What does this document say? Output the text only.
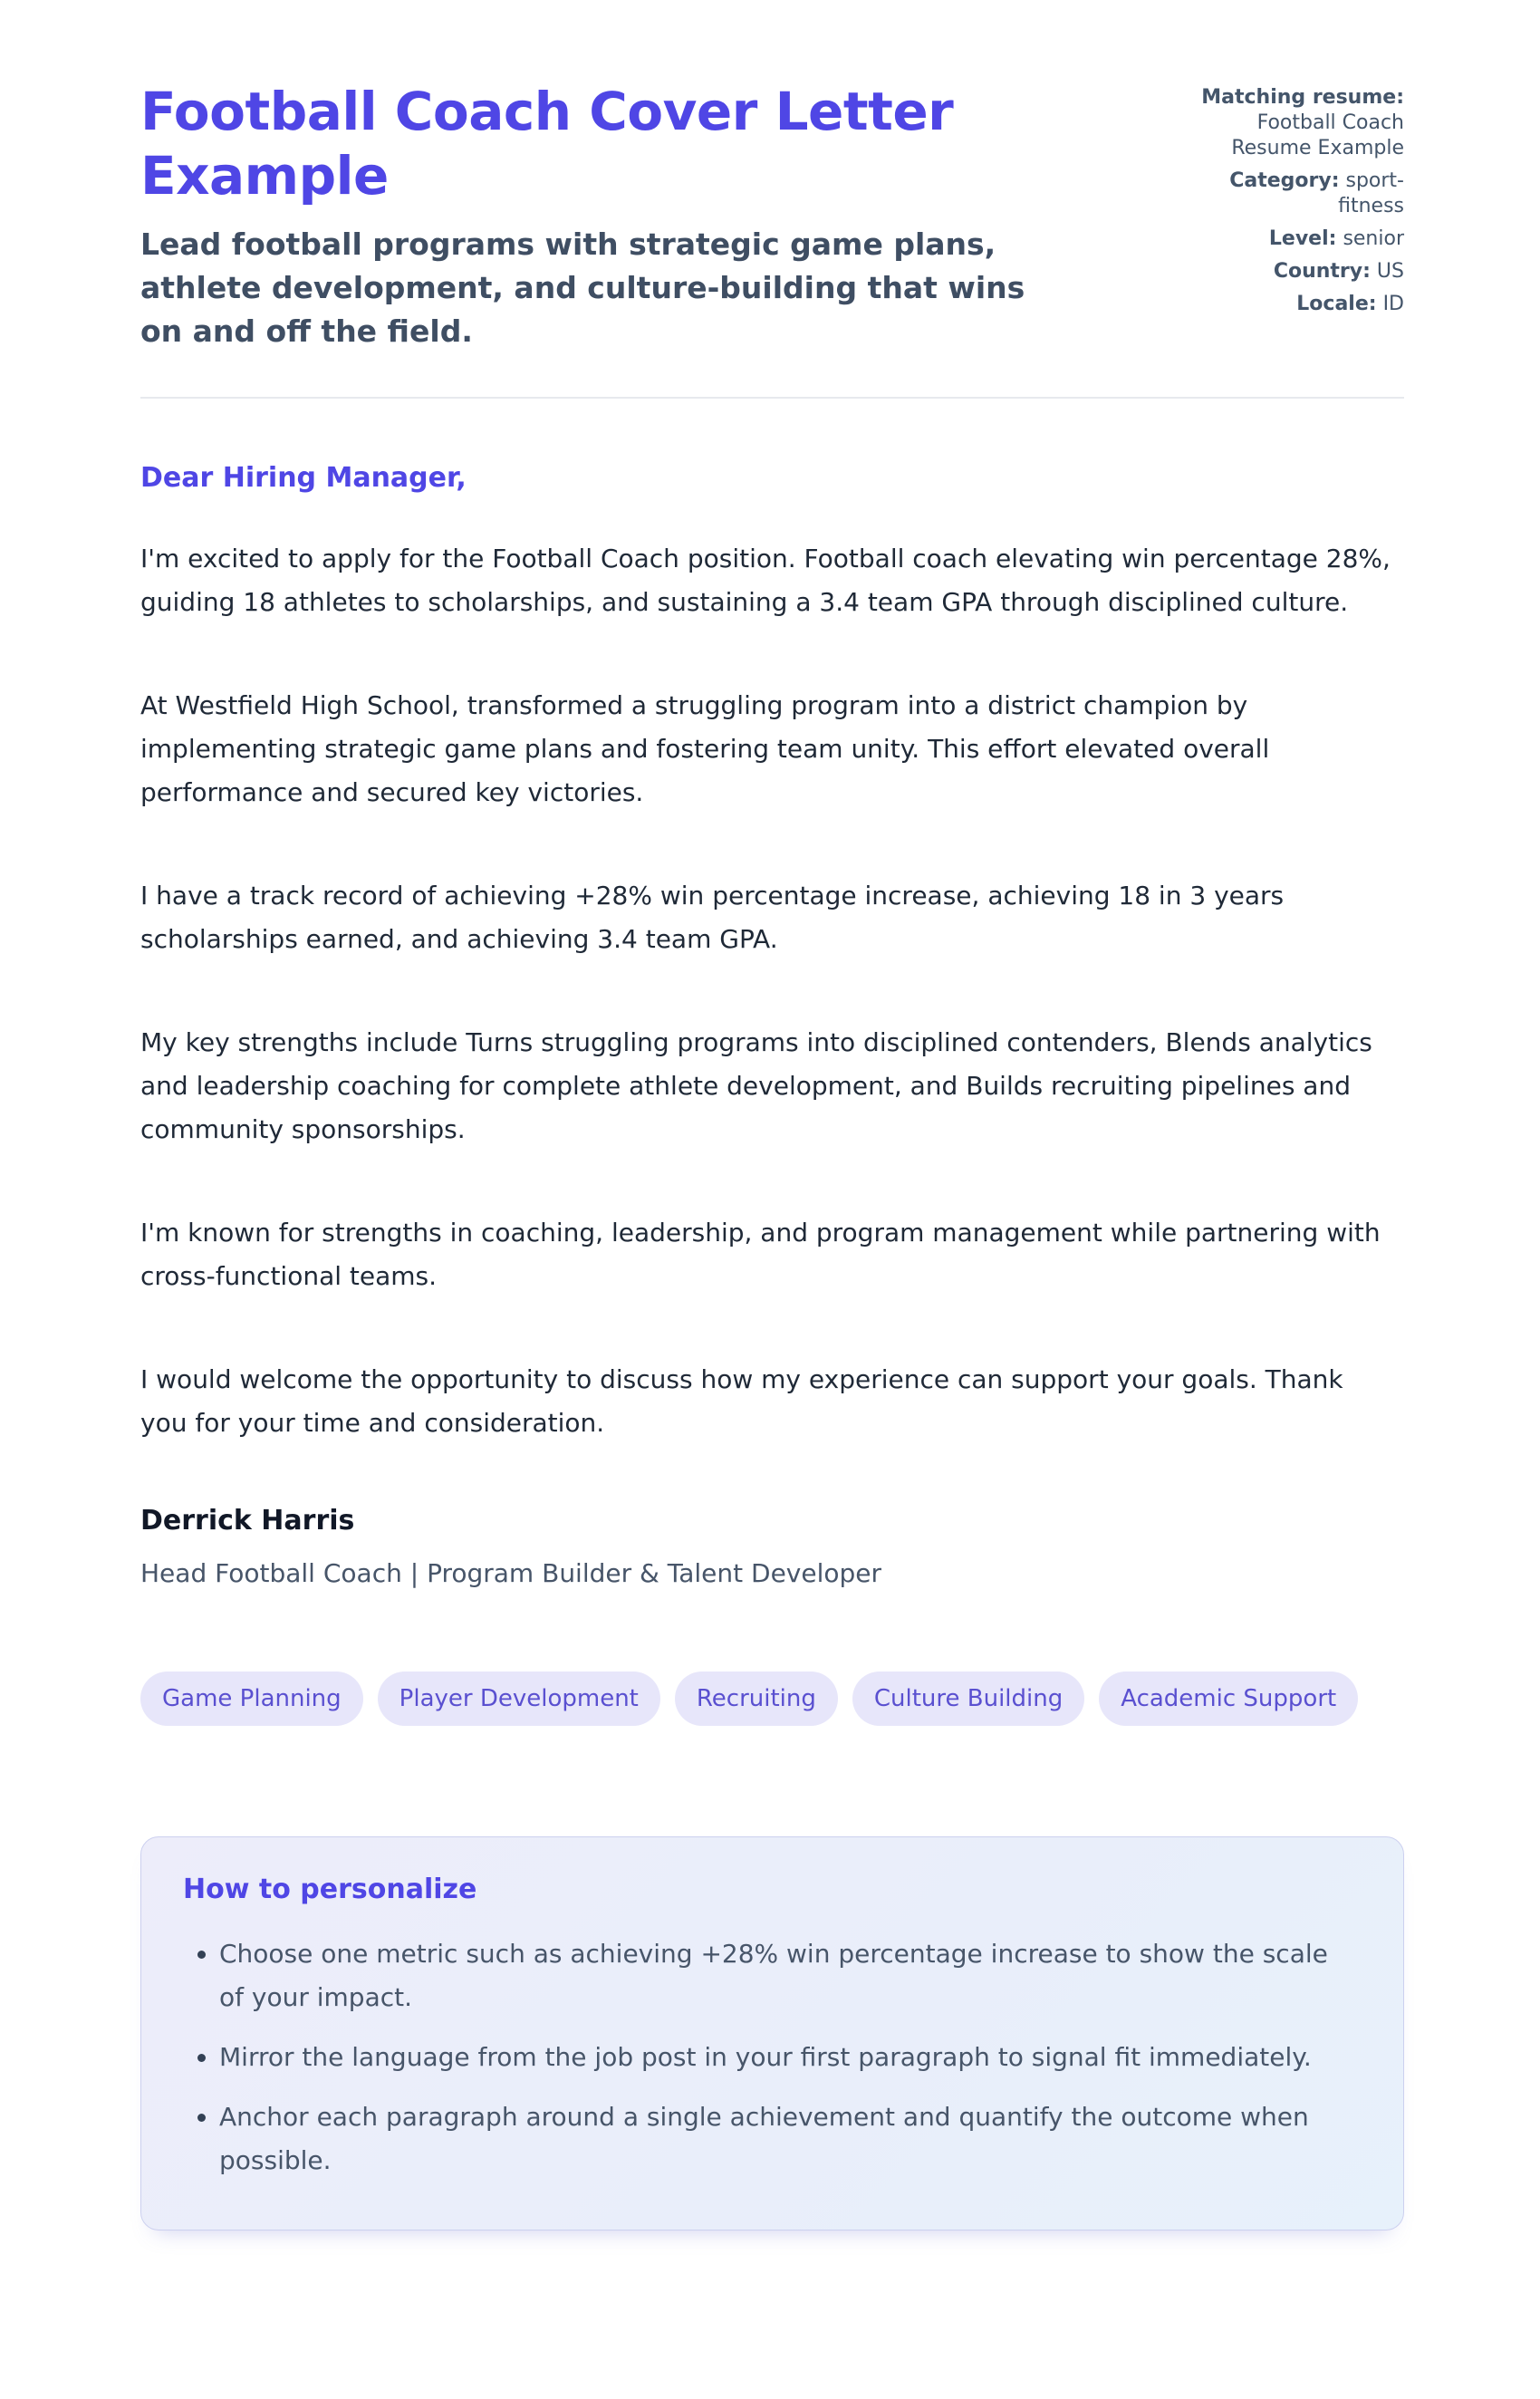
Football Coach Cover Letter Example

Lead football programs with strategic game plans, athlete development, and culture-building that wins on and off the field.

Matching resume: Football Coach Resume Example
Category: sport-fitness
Level: senior
Country: US
Locale: ID

Dear Hiring Manager,

I'm excited to apply for the Football Coach position. Football coach elevating win percentage 28%, guiding 18 athletes to scholarships, and sustaining a 3.4 team GPA through disciplined culture.

At Westfield High School, transformed a struggling program into a district champion by implementing strategic game plans and fostering team unity. This effort elevated overall performance and secured key victories.

I have a track record of achieving +28% win percentage increase, achieving 18 in 3 years scholarships earned, and achieving 3.4 team GPA.

My key strengths include Turns struggling programs into disciplined contenders, Blends analytics and leadership coaching for complete athlete development, and Builds recruiting pipelines and community sponsorships.

I'm known for strengths in coaching, leadership, and program management while partnering with cross-functional teams.

I would welcome the opportunity to discuss how my experience can support your goals. Thank you for your time and consideration.

Derrick Harris

Head Football Coach | Program Builder & Talent Developer

Game Planning	Player Development	Recruiting	Culture Building	Academic Support
How to personalize
• Choose one metric such as achieving +28% win percentage increase to show the scale of your impact.
• Mirror the language from the job post in your first paragraph to signal fit immediately.
• Anchor each paragraph around a single achievement and quantify the outcome when possible.
